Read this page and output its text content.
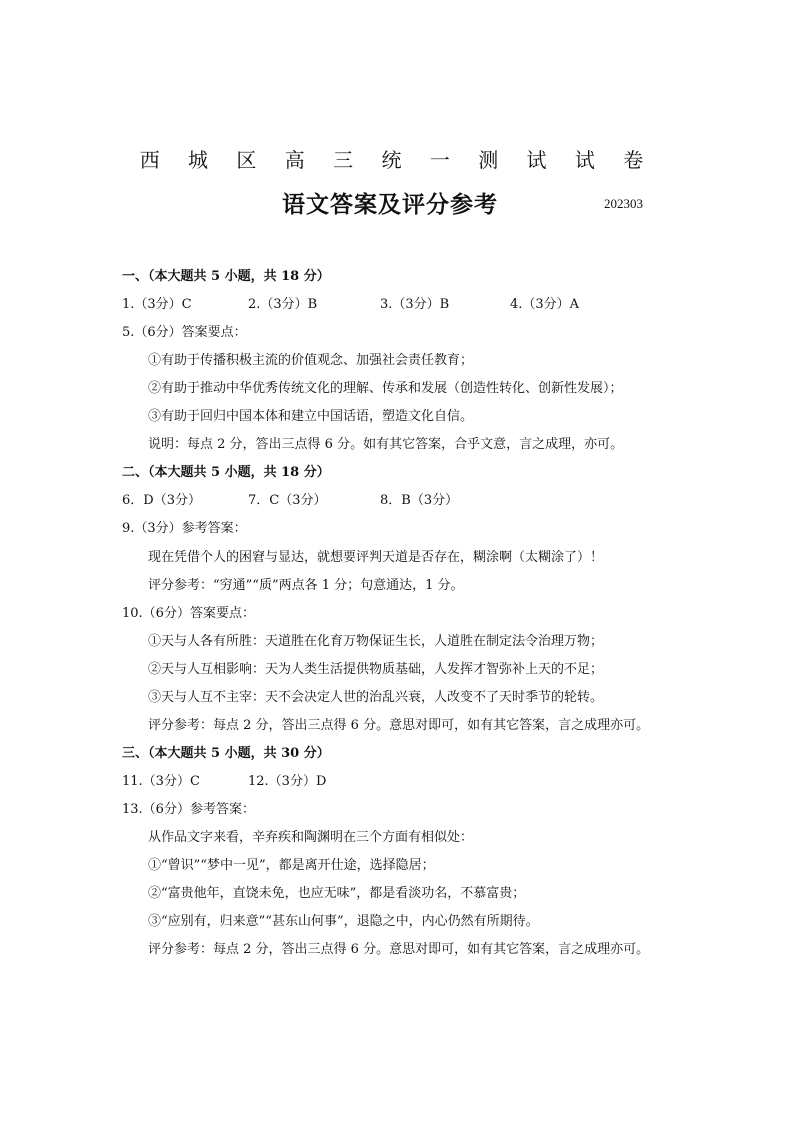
西 城 区 高 三 统 一 测 试 试 卷
语文答案及评分参考	202303
一、（本大题共 5 小题，共 18 分）
1.（3分）C	2.（3分）B	3.（3分）B	4.（3分）A
5.（6分）答案要点：
①有助于传播积极主流的价值观念、加强社会责任教育；
②有助于推动中华优秀传统文化的理解、传承和发展（创造性转化、创新性发展）；
③有助于回归中国本体和建立中国话语，塑造文化自信。
说明：每点 2 分，答出三点得 6 分。如有其它答案，合乎文意，言之成理，亦可。
二、（本大题共 5 小题，共 18 分）
6．D（3分）	7．C（3分）	8．B（3分）
9.（3分）参考答案：
现在凭借个人的困窘与显达，就想要评判天道是否存在，糊涂啊（太糊涂了）！
评分参考：“穷通”“质”两点各 1 分；句意通达，1 分。
10.（6分）答案要点：
①天与人各有所胜：天道胜在化育万物保证生长，人道胜在制定法令治理万物；
②天与人互相影响：天为人类生活提供物质基础，人发挥才智弥补上天的不足；
③天与人互不主宰：天不会决定人世的治乱兴衰，人改变不了天时季节的轮转。
评分参考：每点 2 分，答出三点得 6 分。意思对即可，如有其它答案，言之成理亦可。
三、（本大题共 5 小题，共 30 分）
11.（3分）C	12.（3分）D
13.（6分）参考答案：
从作品文字来看，辛弃疾和陶渊明在三个方面有相似处：
①“曾识”“梦中一见”，都是离开仕途，选择隐居；
②“富贵他年，直饶未免，也应无味”，都是看淡功名，不慕富贵；
③“应别有，归来意”“甚东山何事”，退隐之中，内心仍然有所期待。
评分参考：每点 2 分，答出三点得 6 分。意思对即可，如有其它答案，言之成理亦可。
